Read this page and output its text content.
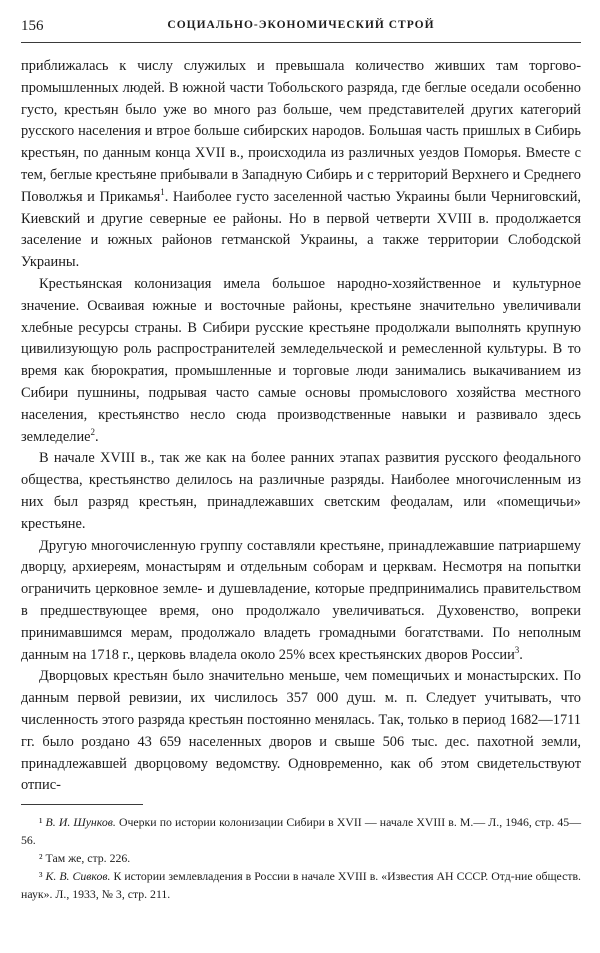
156	СОЦИАЛЬНО-ЭКОНОМИЧЕСКИЙ СТРОЙ

приближалась к числу служилых и превышала количество живших там торгово-промышленных людей. В южной части Тобольского разряда, где беглые оседали особенно густо, крестьян было уже во много раз больше, чем представителей других категорий русского населения и втрое больше сибирских народов. Большая часть пришлых в Сибирь крестьян, по данным конца XVII в., происходила из различных уездов Поморья. Вместе с тем, беглые крестьяне прибывали в Западную Сибирь и с территорий Верхнего и Среднего Поволжья и Прикамья$^1$. Наиболее густо заселенной частью Украины были Черниговский, Киевский и другие северные ее районы. Но в первой четверти XVIII в. продолжается заселение и южных районов гетманской Украины, а также территории Слободской Украины.

Крестьянская колонизация имела большое народно-хозяйственное и культурное значение. Осваивая южные и восточные районы, крестьяне значительно увеличивали хлебные ресурсы страны. В Сибири русские крестьяне продолжали выполнять крупную цивилизующую роль распространителей земледельческой и ремесленной культуры. В то время как бюрократия, промышленные и торговые люди занимались выкачиванием из Сибири пушнины, подрывая часто самые основы промыслового хозяйства местного населения, крестьянство несло сюда производственные навыки и развивало здесь земледелие$^2$.

В начале XVIII в., так же как на более ранних этапах развития русского феодального общества, крестьянство делилось на различные разряды. Наиболее многочисленным из них был разряд крестьян, принадлежавших светским феодалам, или «помещичьи» крестьяне.

Другую многочисленную группу составляли крестьяне, принадлежавшие патриаршему дворцу, архиереям, монастырям и отдельным соборам и церквам. Несмотря на попытки ограничить церковное земле- и душевладение, которые предпринимались правительством в предшествующее время, оно продолжало увеличиваться. Духовенство, вопреки принимавшимся мерам, продолжало владеть громадными богатствами. По неполным данным на 1718 г., церковь владела около 25% всех крестьянских дворов России$^3$.

Дворцовых крестьян было значительно меньше, чем помещичьих и монастырских. По данным первой ревизии, их числилось 357 000 душ. м. п. Следует учитывать, что численность этого разряда крестьян постоянно менялась. Так, только в период 1682—1711 гг. было роздано 43 659 населенных дворов и свыше 506 тыс. дес. пахотной земли, принадлежавшей дворцовому ведомству. Одновременно, как об этом свидетельствуют отпис-

¹ В. И. Шунков. Очерки по истории колонизации Сибири в XVII — начале XVIII в. М.— Л., 1946, стр. 45—56.

² Там же, стр. 226.

³ К. В. Сивков. К истории землевладения в России в начале XVIII в. «Известия АН СССР. Отд-ние обществ. наук». Л., 1933, № 3, стр. 211.
